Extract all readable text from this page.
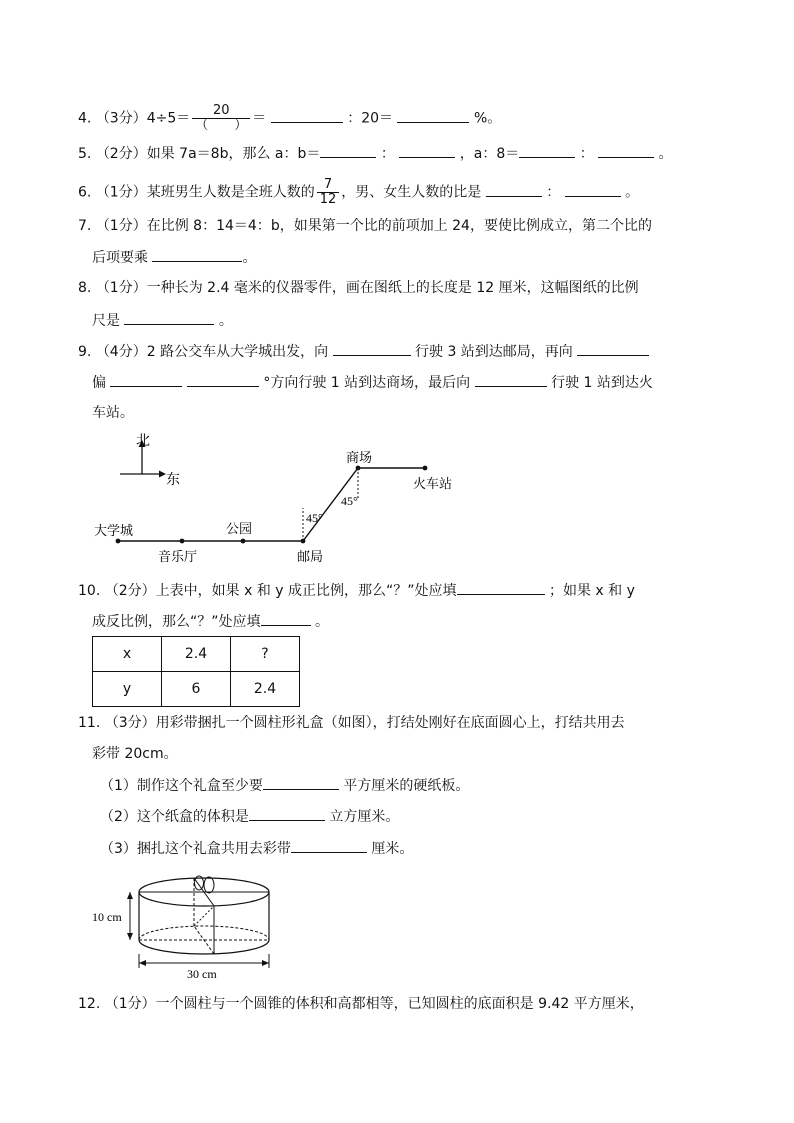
4. （3分）$4\div 5= \frac{20}{( )}$ ＝	：20＝	%。
5. （2分）如果 7a＝8b，那么 a：b＝	：	，a：8＝	：	。
6. （1分）某班男生人数是全班人数的 $\frac{7}{12}$ ，男、女生人数的比是	：	。
7. （1分）在比例 8：14＝4：b，如果第一个比的前项加上 24，要使比例成立，第二个比的
后项要乘	。
8. （1分）一种长为 2.4 毫米的仪器零件，画在图纸上的长度是 12 厘米，这幅图纸的比例
尺是	。
9. （4分）2 路公交车从大学城出发，向	行驶 3 站到达邮局，再向
偏	°方向行驶 1 站到达商场，最后向	行驶 1 站到达火
车站。
北
东
大学城
音乐厅
公园
邮局
商场
火车站
45°
45°
10. （2分）上表中，如果 x 和 y 成正比例，那么“？”处应填	；如果 x 和 y
成反比例，那么“？”处应填	。
x	2.4	?
y	6	2.4
11. （3分）用彩带捆扎一个圆柱形礼盒（如图），打结处刚好在底面圆心上，打结共用去
彩带 20cm。
（1）制作这个礼盒至少要	平方厘米的硬纸板。
（2）这个纸盒的体积是	立方厘米。
（3）捆扎这个礼盒共用去彩带	厘米。
10 cm
30 cm
12. （1分）一个圆柱与一个圆锥的体积和高都相等，已知圆柱的底面积是 9.42 平方厘米，
